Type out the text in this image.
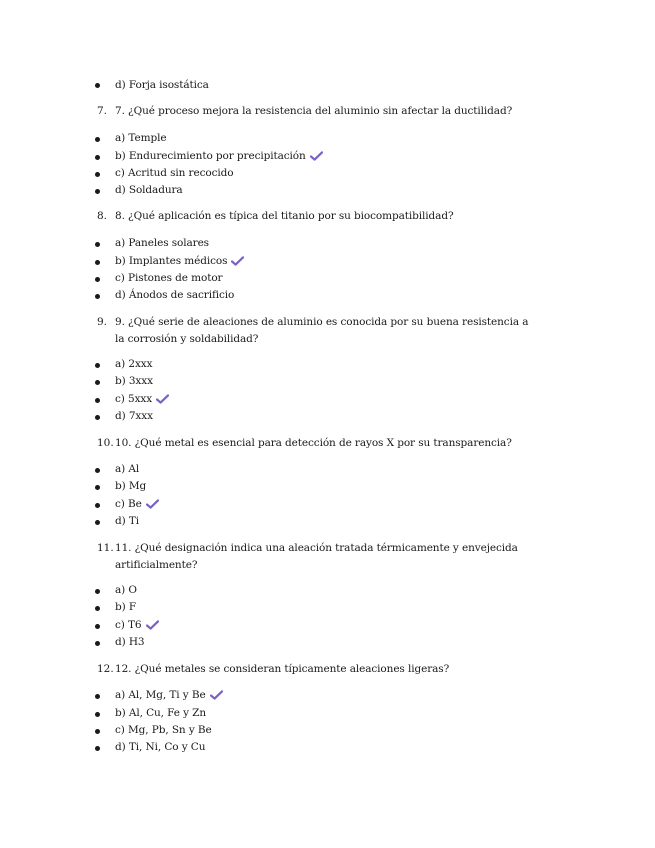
d) Forja isostática
7. 7. ¿Qué proceso mejora la resistencia del aluminio sin afectar la ductilidad?
a) Temple
b) Endurecimiento por precipitación
c) Acritud sin recocido
d) Soldadura
8. 8. ¿Qué aplicación es típica del titanio por su biocompatibilidad?
a) Paneles solares
b) Implantes médicos
c) Pistones de motor
d) Ánodos de sacrificio
9. 9. ¿Qué serie de aleaciones de aluminio es conocida por su buena resistencia a la corrosión y soldabilidad?
a) 2xxx
b) 3xxx
c) 5xxx
d) 7xxx
10. 10. ¿Qué metal es esencial para detección de rayos X por su transparencia?
a) Al
b) Mg
c) Be
d) Ti
11. 11. ¿Qué designación indica una aleación tratada térmicamente y envejecida artificialmente?
a) O
b) F
c) T6
d) H3
12. 12. ¿Qué metales se consideran típicamente aleaciones ligeras?
a) Al, Mg, Ti y Be
b) Al, Cu, Fe y Zn
c) Mg, Pb, Sn y Be
d) Ti, Ni, Co y Cu
